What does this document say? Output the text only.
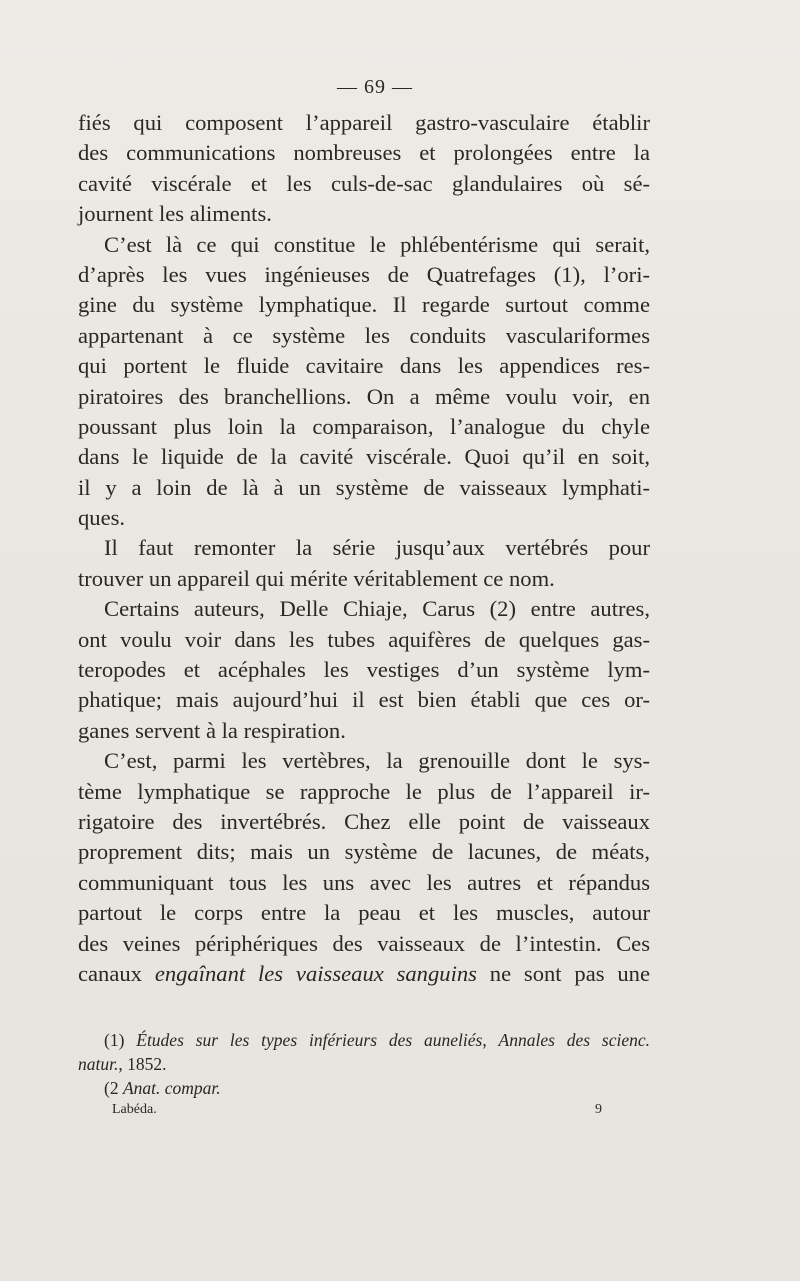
— 69 —
fiés qui composent l’appareil gastro-vasculaire établir
des communications nombreuses et prolongées entre la
cavité viscérale et les culs-de-sac glandulaires où sé-
journent les aliments.
C’est là ce qui constitue le phlébentérisme qui serait,
d’après les vues ingénieuses de Quatrefages (1), l’ori-
gine du système lymphatique. Il regarde surtout comme
appartenant à ce système les conduits vasculariformes
qui portent le fluide cavitaire dans les appendices res-
piratoires des branchellions. On a même voulu voir, en
poussant plus loin la comparaison, l’analogue du chyle
dans le liquide de la cavité viscérale. Quoi qu’il en soit,
il y a loin de là à un système de vaisseaux lymphati-
ques.
Il faut remonter la série jusqu’aux vertébrés pour
trouver un appareil qui mérite véritablement ce nom.
Certains auteurs, Delle Chiaje, Carus (2) entre autres,
ont voulu voir dans les tubes aquifères de quelques gas-
teropodes et acéphales les vestiges d’un système lym-
phatique; mais aujourd’hui il est bien établi que ces or-
ganes servent à la respiration.
C’est, parmi les vertèbres, la grenouille dont le sys-
tème lymphatique se rapproche le plus de l’appareil ir-
rigatoire des invertébrés. Chez elle point de vaisseaux
proprement dits; mais un système de lacunes, de méats,
communiquant tous les uns avec les autres et répandus
partout le corps entre la peau et les muscles, autour
des veines périphériques des vaisseaux de l’intestin. Ces
canaux engaînant les vaisseaux sanguins ne sont pas une
(1) Études sur les types inférieurs des auneliés, Annales des scienc.
natur., 1852.
(2 Anat. compar.
Labéda.	9
